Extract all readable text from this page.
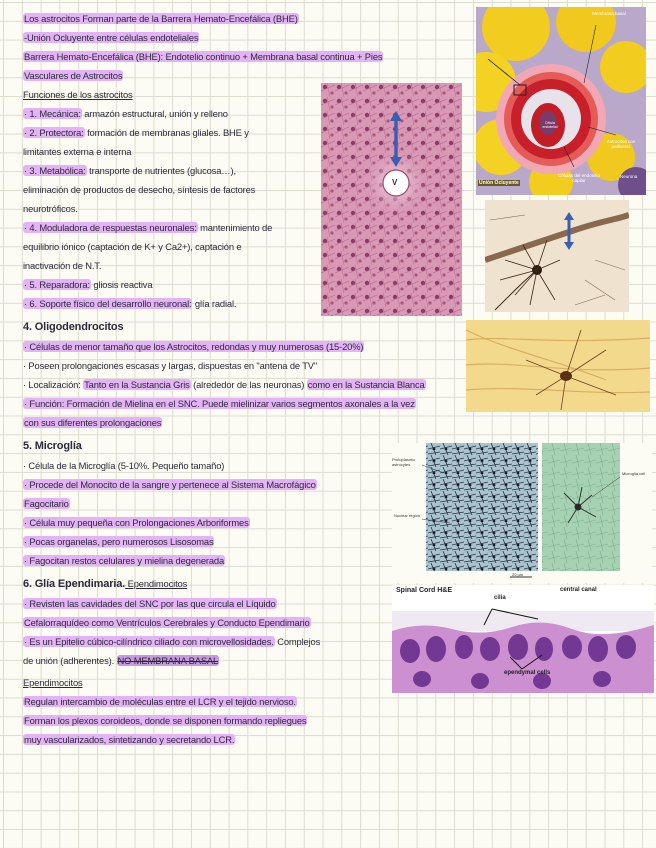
Los astrocitos Forman parte de la Barrera Hemato-Encefálica (BHE)
-Unión Ocluyente entre células endoteliales
Barrera Hemato-Encefálica (BHE): Endotelio continuo + Membrana basal continua + Pies
Vasculares de Astrocitos
Funciones de los astrocitos
· 1. Mecánica: armazón estructural, unión y relleno
· 2. Protectora: formación de membranas gliales. BHE y
limitantes externa e interna
· 3. Metabólica: transporte de nutrientes (glucosa…),
eliminación de productos de desecho, síntesis de factores
neurotróficos.
· 4. Moduladora de respuestas neuronales: mantenimiento de
equilibrio iónico (captación de K+ y Ca2+), captación e
inactivación de N.T.
· 5. Reparadora: gliosis reactiva
· 6. Soporte físico del desarrollo neuronal: glía radial.
4. Oligodendrocitos
· Células de menor tamaño que los Astrocitos, redondas y muy numerosas (15-20%)
· Poseen prolongaciones escasas y largas, dispuestas en "antena de TV"
· Localización: Tanto en la Sustancia Gris (alrededor de las neuronas) como en la Sustancia Blanca
· Función: Formación de Mielina en el SNC. Puede mielinizar varios segmentos axonales a la vez
con sus diferentes prolongaciones
5. Microglía
· Célula de la Microglía (5-10%. Pequeño tamaño)
· Procede del Monocito de la sangre y pertenece al Sistema Macrofágico
Fagocitario
· Célula muy pequeña con Prolongaciones Arboriformes
· Pocas organelas, pero numerosos Lisosomas
· Fagocitan restos celulares y mielina degenerada
6. Glía Ependimaria. Ependimocitos
· Revisten las cavidades del SNC por las que circula el Líquido
Cefalorraquídeo como Ventrículos Cerebrales y Conducto Ependimario
· Es un Epitelio cúbico-cilíndrico ciliado con microvellosidades. Complejos
de unión (adherentes). NO MEMBRANA BASAL
Ependimocitos
Regulan intercambio de moléculas entre el LCR y el tejido nervioso.
Forman los plexos coroideos, donde se disponen formando repliegues
muy vascularizados, sintetizando y secretando LCR.
Membrana basal
Célula endotelial
Astrocitos con pedicelos
Unión Ocluyente
Células del endotelio capilar
Neurona
V
Protoplasmic astrocytes
Nuclear region
Microglia cell
20 µm
Spinal Cord H&E
cilia
central canal
ependymal cells
